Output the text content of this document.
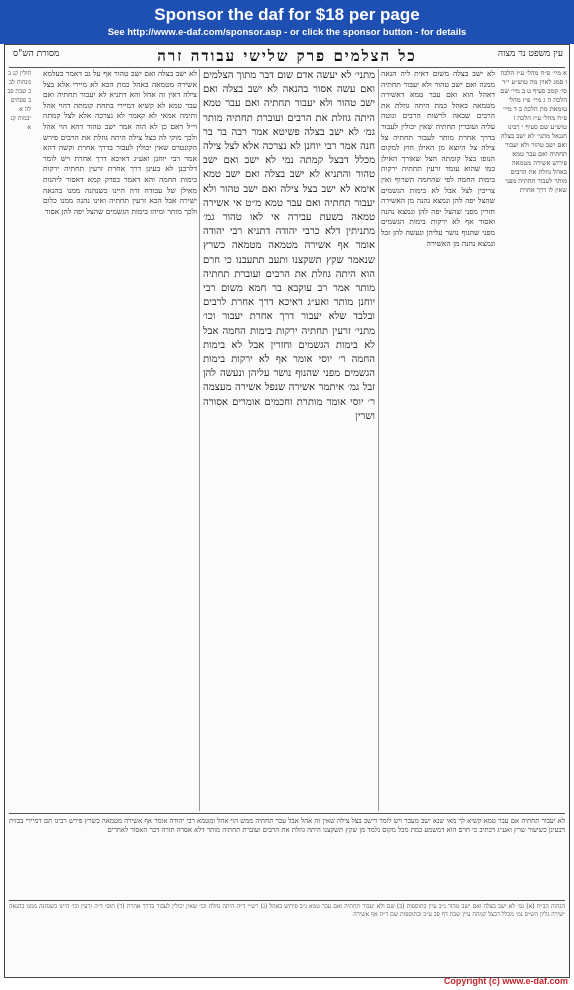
Sponsor the daf for $18 per page
See http://www.e-daf.com/sponsor.asp - or click the sponsor button - for details
כל הצלמים פרק שלישי עבודה זרה	עין משפט נר מצוה
מסורת הש"ס
א מיי׳ פ״ח מהל׳ ע״ז הלכה ו סמג לאוין מה טוש״ע י״ד סי׳ קמב סעיף ט ב מיי׳ שם הלכה ה ג מיי׳ פ״ז מהל׳ טומאת מת הלכה ב ד מיי׳ פ״ח מהל׳ ע״ז הלכה ז טוש״ע שם סעיף י רבינו חננאל מתני׳ לא ישב בצלה ואם ישב טהור ולא יעבור תחתיה ואם עבר טמא פירוש אשירה מטמאה באהל גוזלת את הרבים מותר לעבור תחתיה מפני שאין לו דרך אחרת
לא ישב בצלה משום דאית ליה הנאה ממנה ואם ישב טהור ולא יעבור תחתיה דאהל הוא ואם עבר טמא דאשירה מטמאה באהל כמת היתה גוזלת את הרבים שבאה לרשות הרבים ונוטה עליה ועוברין תחתיה שאין יכולין לעבור בדרך אחרת מותר לעבור תחתיה צל צילה צל היוצא מן האילן חוץ למקום הנופו בצל קומתה הצל שאורך האילן כמו שהוא עומד זרעין תחתיה ירקות בימות החמה לפי שהחמה תשרוף ואין צריכין לצל אבל לא בימות הגשמים שהצל יפה להן ונמצא נהנה מן האשירה חזרין מפני שהצל יפה להן ונמצא נהנה ואסור אף לא ירקות בימות הגשמים מפני שהנוף נושר עליהן ונעשה להן זבל ונמצא נהנה מן האשירה
מתני׳ לא יעשה אדם שום דבר מתוך הצלמים ואם עשה אסור בהנאה לא ישב בצלה ואם ישב טהור ולא יעבור תחתיה ואם עבר טמא היתה גוזלת את הרבים ועוברת תחתיה מותר גמ׳ לא ישב בצלה פשיטא אמר רבה בר בר חנה אמר רבי יוחנן לא נצרכה אלא לצל צילה מכלל דבצל קמתה נמי לא ישב ואם ישב טהור והתניא לא ישב בצלה ואם ישב טמא אימא לא ישב בצל צילה ואם ישב טהור ולא יעבור תחתיה ואם עבר טמא מ״ט אי אשירה טמאה בשעת עבירה אי לאו טהור גמ׳ מתניתין דלא כרבי יהודה דתניא רבי יהודה אומר אף אשירה מטמאה מטמאה כשרץ שנאמר שקץ תשקצנו ותעב תתעבנו כי חרם הוא היתה גוזלת את הרבים ועוברת תחתיה מותר אמר רב עוקבא בר חמא משום רבי יוחנן מותר ואע״ג דאיכא דרך אחרת לרבים ובלבד שלא יעבור דרך אחרת יעבור וכו׳ מתני׳ זרעין תחתיה ירקות בימות החמה אבל לא בימות הגשמים וחזרין אבל לא בימות החמה ר׳ יוסי אומר אף לא ירקות בימות הגשמים מפני שהנוף נושר עליהן ונעשה להן זבל גמ׳ איתמר אשירה שנפל אשירה מעצמה ר׳ יוסי אומר מותרת וחכמים אומרים אסורה ושרין
לא ישב בצלה ואם ישב טהור אף על גב דאמר בעלמא אשירה מטמאה באהל כמת הכא לא מיירי אלא בצל צילה דאין זה אהל והא דתניא לא יעבור תחתיה ואם עבר טמא לא קשיא דמיירי בתחת קומתה דהוי אהל ותימה אמאי לא קאמר לא נצרכה אלא לצל קמתה וי״ל דאם כן לא הוה אמר ישב טהור דהא הוי אהל ולכך מוקי לה בצל צילה היתה גוזלת את הרבים פירש הקונטרס שאין יכולין לעבור בדרך אחרת וקשה דהא אמר רבי יוחנן ואע״ג דאיכא דרך אחרת ויש לומר דלרבנן לא בעינן דרך אחרת זרעין תחתיה ירקות בימות החמה והא דאמר בפרק קמא דאסור ליהנות מאילן של עבודה זרה היינו כשנהנה ממנו בהנאה ישירה אבל הכא זרעין תחתיה ואינו נהנה ממנו כלום ולכך מותר ומיהו בימות הגשמים שהצל יפה להן אסור
חולין קנ ב מנחות לב ב שבת פב ב פסחים לה א יבמות קג א
לא יעבור תחתיה אם עבר טמא קשיא לך מאי שנא ישב מעבר ויש לומר דישב בצל צילה שאין זה אהל אבל עבר תחתיה ממש הוי אהל ומטמא רבי יהודה אומר אף אשירה מטמאה כשרץ פירש רבינו תם דמיירי בכזית דבעינן כשיעור שרץ ואע״ג דכתיב כי חרם הוא דמשמע כמת מכל מקום נלמד מן שקץ תשקצנו היתה גוזלת את הרבים ועוברת תחתיה מותר דלא אסרה תורה דבר האסור לאחרים
הגהות הב״ח (א) גמ׳ לא ישב בצלה ואם ישב טהור נ״ב עיין בתוספות (ב) שם ולא יעבור תחתיה ואם עבר טמא נ״ב פירוש באהל (ג) רש״י ד״ה היתה גוזלת וכו׳ שאין יכולין לעבור בדרך אחרת (ד) תוס׳ ד״ה זרעין וכו׳ היינו כשנהנה ממנו בהנאה ישירה גליון הש״ס גמ׳ מכלל דבצל קמתה עיין שבת דף פב ע״ב ובתוספות שם ד״ה אף אשירה
Copyright (c) www.e-daf.com
